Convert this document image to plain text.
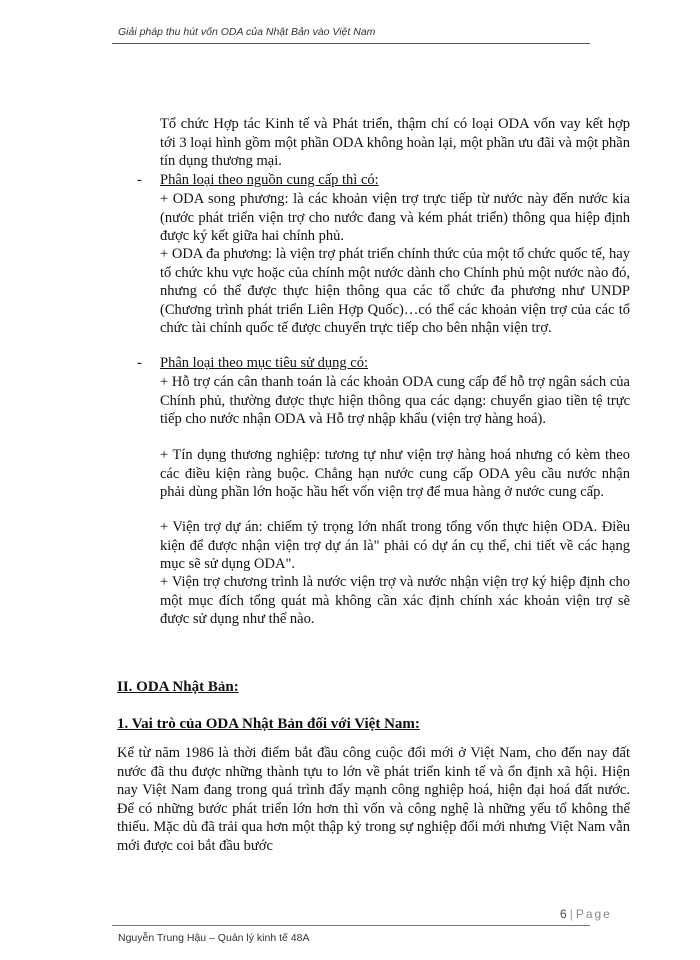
Giải pháp thu hút vốn ODA của Nhật Bản vào Việt Nam

Tổ chức Hợp tác Kinh tế và Phát triển, thậm chí có loại ODA vốn vay kết hợp tới 3 loại hình gồm một phần ODA không hoàn lại, một phần ưu đãi và một phần tín dụng thương mại.

- Phân loại theo nguồn cung cấp thì có:

+ ODA song phương: là các khoản viện trợ trực tiếp từ nước này đến nước kia (nước phát triển viện trợ cho nước đang và kém phát triển) thông qua hiệp định được ký kết giữa hai chính phủ.

+ ODA đa phương: là viện trợ phát triển chính thức của một tổ chức quốc tế, hay tổ chức khu vực hoặc của chính một nước dành cho Chính phủ một nước nào đó, nhưng có thể được thực hiện thông qua các tổ chức đa phương như UNDP (Chương trình phát triển Liên Hợp Quốc)…có thể các khoản viện trợ của các tổ chức tài chính quốc tế được chuyển trực tiếp cho bên nhận viện trợ.

- Phân loại theo mục tiêu sử dụng có:

+ Hỗ trợ cán cân thanh toán là các khoản ODA cung cấp để hỗ trợ ngân sách của Chính phủ, thường được thực hiện thông qua các dạng: chuyển giao tiền tệ trực tiếp cho nước nhận ODA và Hỗ trợ nhập khẩu (viện trợ hàng hoá).

+ Tín dụng thương nghiệp: tương tự như viện trợ hàng hoá nhưng có kèm theo các điều kiện ràng buộc. Chẳng hạn nước cung cấp ODA yêu cầu nước nhận phải dùng phần lớn hoặc hầu hết vốn viện trợ để mua hàng ở nước cung cấp.

+ Viện trợ dự án: chiếm tỷ trọng lớn nhất trong tổng vốn thực hiện ODA. Điều kiện để được nhận viện trợ dự án là" phải có dự án cụ thể, chi tiết về các hạng mục sẽ sử dụng ODA".

+ Viện trợ chương trình là nước viện trợ và nước nhận viện trợ ký hiệp định cho một mục đích tổng quát mà không cần xác định chính xác khoản viện trợ sẽ được sử dụng như thế nào.

II. ODA Nhật Bản:

1. Vai trò của ODA Nhật Bản đối với Việt Nam:

Kể từ năm 1986 là thời điểm bắt đầu công cuộc đổi mới ở Việt Nam, cho đến nay đất nước đã thu được những thành tựu to lớn về phát triển kinh tế và ổn định xã hội. Hiện nay Việt Nam đang trong quá trình đẩy mạnh công nghiệp hoá, hiện đại hoá đất nước. Để có những bước phát triển lớn hơn thì vốn và công nghệ là những yếu tố không thể thiếu. Mặc dù đã trải qua hơn một thập kỷ trong sự nghiệp đổi mới nhưng Việt Nam vẫn mới được coi bắt đầu bước

6 | Page
Nguyễn Trung Hậu – Quản lý kinh tế 48A
